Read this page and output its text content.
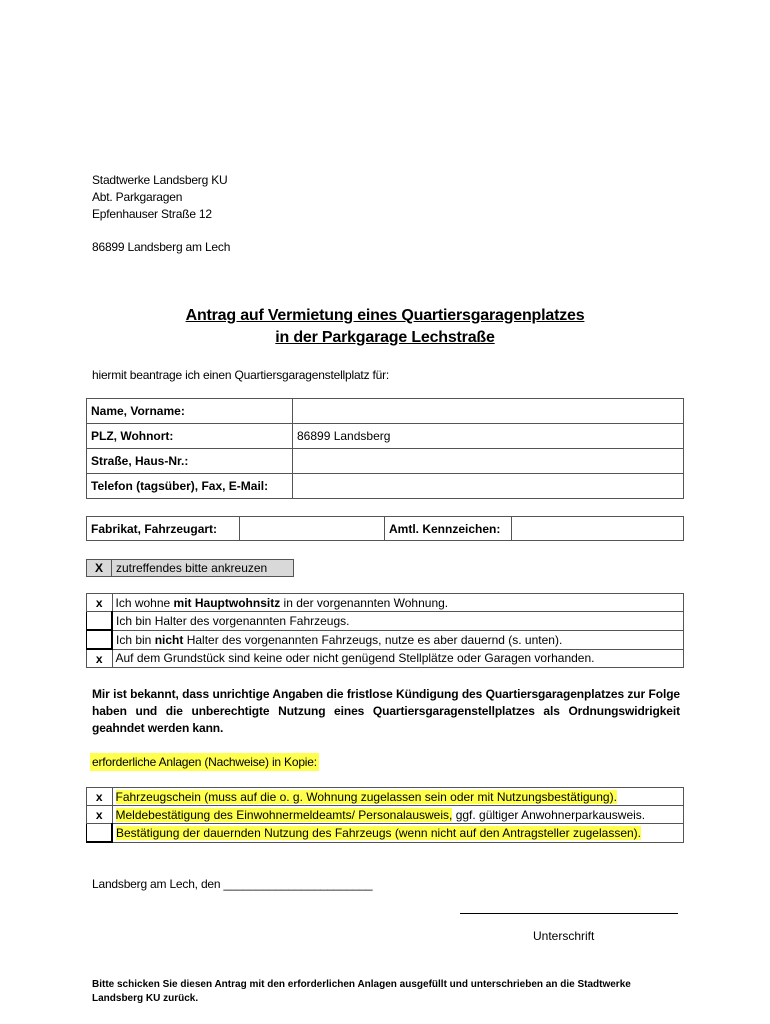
Stadtwerke Landsberg KU
Abt. Parkgaragen
Epfenhauser Straße 12
86899 Landsberg am Lech
Antrag auf Vermietung eines Quartiersgaragenplatzes
in der Parkgarage Lechstraße
hiermit beantrage ich einen Quartiersgaragenstellplatz für:
Name, Vorname:	
PLZ, Wohnort:	86899 Landsberg
Straße, Haus-Nr.:	
Telefon (tagsüber), Fax, E-Mail:	
Fabrikat, Fahrzeugart:		Amtl. Kennzeichen:	
X	zutreffendes bitte ankreuzen
x	Ich wohne mit Hauptwohnsitz in der vorgenannten Wohnung.
	Ich bin Halter des vorgenannten Fahrzeugs.
	Ich bin nicht Halter des vorgenannten Fahrzeugs, nutze es aber dauernd (s. unten).
x	Auf dem Grundstück sind keine oder nicht genügend Stellplätze oder Garagen vorhanden.
Mir ist bekannt, dass unrichtige Angaben die fristlose Kündigung des Quartiersgaragenplatzes zur Folge haben und die unberechtigte Nutzung eines Quartiersgaragenstellplatzes als Ordnungswidrigkeit geahndet werden kann.
erforderliche Anlagen (Nachweise) in Kopie:
x	Fahrzeugschein (muss auf die o. g. Wohnung zugelassen sein oder mit Nutzungsbestätigung).
x	Meldebestätigung des Einwohnermeldeamts/ Personalausweis, ggf. gültiger Anwohnerparkausweis.
	Bestätigung der dauernden Nutzung des Fahrzeugs (wenn nicht auf den Antragsteller zugelassen).
Landsberg am Lech, den _______________________
Unterschrift
Bitte schicken Sie diesen Antrag mit den erforderlichen Anlagen ausgefüllt und unterschrieben an die Stadtwerke Landsberg KU zurück.
